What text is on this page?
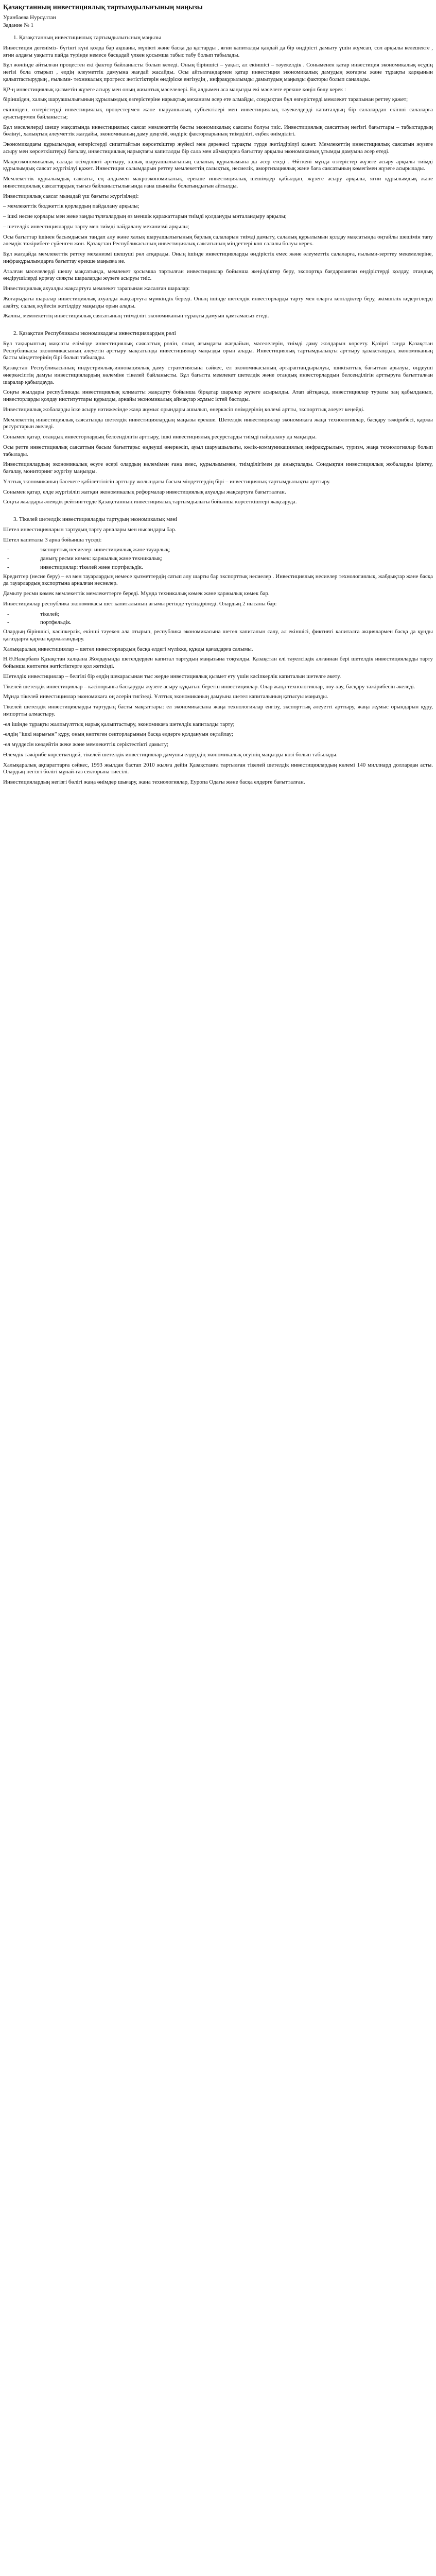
Қазақстанның инвестициялық тартымдылығының маңызы
Уринбаева Нурсұлтан
Задание № 1
1. Қазақстанның инвестициялық тартымдылығының маңызы
Инвестиция дегеніміз- бүгінгі күні қолда бар ақшаны, мүлікті және басқа да қаттарды , яғни капиталды қандай да бір өндірісті дамыту үшін жұмсап, сол арқылы келешекте , яғни алдағы уақытта пайда түрінде немесе басқадай үлкен қосымша табыс табу болып табылады.
Бұл жөнінде айтылған процестен екі фактор байланысты болып келеді. Оның біріншісі – уақыт, ал екіншісі – тәуекелдік . Соныменен қатар инвестиция экономикалық өсудің негізі бола отырып , елдің әлеуметтік дамуына жағдай жасайды. Осы айтылғандармен қатар инвестиция экономикалық дамудың жоғарғы және тұрақты қарқынын қалыптастырудың , ғылыми- техникалық прогресс жетістіктерін өндіріске енгізудің , инфрақұрылымды дамытудың маңызды факторы болып саналады.
ҚР-ң инвестициялық қызметін жүзеге асыру мен оның жиынтық мәселелері. Ең алдымен аса маңызды екі мәселеге ерекше көңіл бөлу керек :
біріншіден, халық шаруашылығының құрылымдық өзгерістеріне нарықтық механизм әсер ете алмайды, сондықтан бұл өзгерістерді мемлекет тарапынан реттеу қажет;
екіншіден, өзгерістерді инвестициялық процестермен және шаруашылық субъектілері мен инвестициялық тәуекелдерді капиталдың бір салалардан екінші салаларға ауыстырумен байланысты;
Бұл мәселелерді шешу мақсатында инвестициялық саясат мемлекеттің басты экономикалық саясаты болуы тиіс. Инвестициялық саясаттың негізгі бағыттары – табыстардың бөлінуі, халықтың әлеуметтік жағдайы, экономиканың даму деңгейі, өндіріс факторларының тиімділігі, еңбек өнімділігі.
Экономикадағы құрылымдық өзгерістерді сипаттайтын көрсеткіштер жүйесі мен дәрежесі тұрақты түрде жетілдірілуі қажет. Мемлекеттің инвестициялық саясатын жүзеге асыру мен көрсеткіштерді бағалау, инвестициялық нарықтағы капиталды бір сала мен аймақтарға бағыттау арқылы экономиканың ұтымды дамуына әсер етеді.
Макроэкономикалық салада өсімділікті арттыру, халық шаруашылығының салалық құрылымына да әсер етеді . Өйткені мұнда өзгерістер жүзеге асыру арқылы тиімді құрылымдық саясат жүргізілуі қажет. Инвестиция салымдарын реттеу мемлекеттің салықтық, несиелік, амортизациялық және баға саясатының көмегімен жүзеге асырылады.
Мемлекеттік құрылымдық саясаты, ең алдымен макроэкономикалық, ерекше инвестициялық шешімдер қабылдап, жүзеге асыру арқылы, яғни құрылымдық және инвестициялық саясаттардың тығыз байланыстылығында ғана шынайы болатындығын айтылды.
Инвестициялық саясат мынадай үш бағыты жүргізіледі:
– мемлекеттік бюджеттік қорлардың пайдалану арқылы;
– ішкі несие қорлары мен жеке заңды тұлғалардың өз меншік қаражаттарын тиімді қолдануды ынталандыру арқылы;
– шетелдік инвестицияларды тарту мен тиімді пайдалану механизмі арқылы;
Осы бағыттар ішінен басымдысын таңдап алу және халық шаруашылығының барлық салаларын тиімді дамыту, салалық құрылымын қолдау мақсатында оңтайлы шешімін тапу әлемдік тәжірибеге сүйенген жөн. Қазақстан Республикасының инвестициялық саясатының міндеттері көп салалы болуы керек.
Бұл жағдайда мемлекеттік реттеу механизмі шешуші рөл атқарады. Оның ішінде инвестицияларды өндірістік емес және әлеуметтік салаларға, ғылыми-зерттеу мекемелеріне, инфрақұрылымдарға бағыттау ерекше маңызға ие.
Аталған мәселелерді шешу мақсатында, мемлекет қосымша тартылған инвестициялар бойынша жеңілдіктер беру, экспортқа бағдарланған өндірістерді қолдау, отандық өндірушілерді қорғау сияқты шараларды жүзеге асыруы тиіс.
Инвестициялық ахуалды жақсартуға мемлекет тарапынан жасалған шаралар:
Жоғарыдағы шаралар инвестициялық ахуалды жақсартуға мүмкіндік береді. Оның ішінде шетелдік инвесторларды тарту мен оларға кепілдіктер беру, әкімшілік кедергілерді азайту, салық жүйесін жетілдіру маңызды орын алады.
Жалпы, мемлекеттің инвестициялық саясатының тиімділігі экономиканың тұрақты дамуын қамтамасыз етеді.
2. Қазақстан Республикасы экономикадағы инвестициялардың рөлі
Бұл тақырыптың мақсаты елімізде инвестициялық саясаттың рөлін, оның ағымдағы жағдайын, мәселелерін, тиімді даму жолдарын көрсету. Қазіргі таңда Қазақстан Республикасы экономикасының әлеуетін арттыру мақсатында инвестициялар маңызды орын алады. Инвестициялық тартымдылықты арттыру қазақстандық экономиканың басты міндеттерінің бірі болып табылады.
Қазақстан Республикасының индустриялық-инновациялық даму стратегиясына сәйкес, ел экономикасының әртараптандырылуы, шикізаттық бағыттан арылуы, өңдеуші өнеркәсіптің дамуы инвестициялардың көлеміне тікелей байланысты. Бұл бағытта мемлекет шетелдік және отандық инвесторлардың белсенділігін арттыруға бағытталған шаралар қабылдауда.
Соңғы жылдары республикада инвестициялық климатты жақсарту бойынша бірқатар шаралар жүзеге асырылды. Атап айтқанда, инвестициялар туралы заң қабылданып, инвесторларды қолдау институттары құрылды, арнайы экономикалық аймақтар жұмыс істей бастады.
Инвестициялық жобаларды іске асыру нәтижесінде жаңа жұмыс орындары ашылып, өнеркәсіп өнімдерінің көлемі артты, экспорттық әлеует кеңейді.
Мемлекеттің инвестициялық саясатында шетелдік инвестициялардың маңызы ерекше. Шетелдік инвестициялар экономикаға жаңа технологиялар, басқару тәжірибесі, қаржы ресурстарын әкеледі.
Сонымен қатар, отандық инвесторлардың белсенділігін арттыру, ішкі инвестициялық ресурстарды тиімді пайдалану да маңызды.
Осы ретте инвестициялық саясаттың басым бағыттары: өңдеуші өнеркәсіп, ауыл шаруашылығы, көлік-коммуникациялық инфрақұрылым, туризм, жаңа технологиялар болып табылады.
Инвестициялардың экономикалық өсуге әсері олардың көлемімен ғана емес, құрылымымен, тиімділігімен де анықталады. Сондықтан инвестициялық жобаларды іріктеу, бағалау, мониторинг жүргізу маңызды.
Ұлттық экономиканың бәсекеге қабілеттілігін арттыру жолындағы басым міндеттердің бірі – инвестициялық тартымдылықты арттыру.
Сонымен қатар, елде жүргізіліп жатқан экономикалық реформалар инвестициялық ахуалды жақсартуға бағытталған.
Соңғы жылдары әлемдік рейтингтерде Қазақстанның инвестициялық тартымдылығы бойынша көрсеткіштері жақсаруда.
3. Тікелей шетелдік инвестицияларды тартудың экономикалық мәні
Шетел инвестицияларын тартудың тарту арналары мен нысандары бар.
Шетел капиталы 3 арна бойынша түседі:
-	экспорттық несиелер: инвестициялық және тауарлық;
-	данығұ ресми көмек: қаржылық және техникалық;
-	инвестициялар: тікелей және портфельдік.
Кредиттер (несие беру) – ел мен тауарлардың немесе қызметтердің сатып алу шарты бар экспорттық несиелер . Инвестициялық несиелер технологиялық, жабдықтар және басқа да тауарлардың экспортына арналған несиелер.
Дамыту ресми көмек мемлекеттік мемлекеттерге береді. Мұнда техникалық көмек және қаржылық көмек бар.
Инвестициялар республика экономикасы шет капиталының ағымы ретінде түсіндіріледі. Олардың 2 нысаны бар:
-	тікелей;
-	портфельдік.
Олардың біріншісі, кәсіпкерлік, екінші тәуекел ала отырып, республика экономикасына шетел капиталын салу, ал екіншісі, фиктивті капиталға акциялармен басқа да құнды қағаздарға қаржы қаржыландыру.
Халықаралық инвестициялар – шетел инвесторлардың басқа елдегі мүлікке, құнды қағаздарға салымы.
Н.Ә.Назарбаев Қазақстан халқына Жолдауында шетелдерден капитал тартудың маңызына тоқталды. Қазақстан елі тәуелсіздік алғаннан бері шетелдік инвестицияларды тарту бойынша көптеген жетістіктерге қол жеткізді.
Шетелдік инвестициялар – белгілі бір елдің шекарасынан тыс жерде инвестициялық қызмет ету үшін кәсіпкерлік капиталын шетелге әкету.
Тікелей шетелдік инвестициялар – кәсіпорынға басқаруды жүзеге асыру құқығын беретін инвестициялар. Олар жаңа технологиялар, ноу-хау, басқару тәжірибесін әкеледі.
Мұнда тікелей инвестициялар экономикаға оң әсерін тигізеді. Ұлттық экономиканың дамуына шетел капиталының қатысуы маңызды.
Тікелей шетелдік инвестицияларды тартудың басты мақсаттары: ел экономикасына жаңа технологиялар енгізу, экспорттық әлеуетті арттыру, жаңа жұмыс орындарын құру, импортты алмастыру.
-ел ішінде тұрақты жалпыүлттық нарық қалыптастыру, экономикаға шетелдік капиталды тарту;
-елдің "ішкі нарығын" құру, оның көптеген секторларының басқа елдерге қолдануын оңтайлау;
-ел мүддесін көздейтін жеке және мемлекеттік серіктестікті дамыту;
Әлемдік тәжірибе көрсеткендей, тікелей шетелдік инвестициялар дамушы елдердің экономикалық өсуінің маңызды көзі болып табылады.
Халықаралық ақпараттарға сәйкес, 1993 жылдан бастап 2010 жылға дейін Қазақстанға тартылған тікелей шетелдік инвестициялардың көлемі 140 миллиард доллардан асты. Олардың негізгі бөлігі мұнай-газ секторына тиесілі.
Инвестициялардың негізгі бөлігі жаңа өнімдер шығару, жаңа технологиялар, Еуропа Одағы және басқа елдерге бағытталған.
